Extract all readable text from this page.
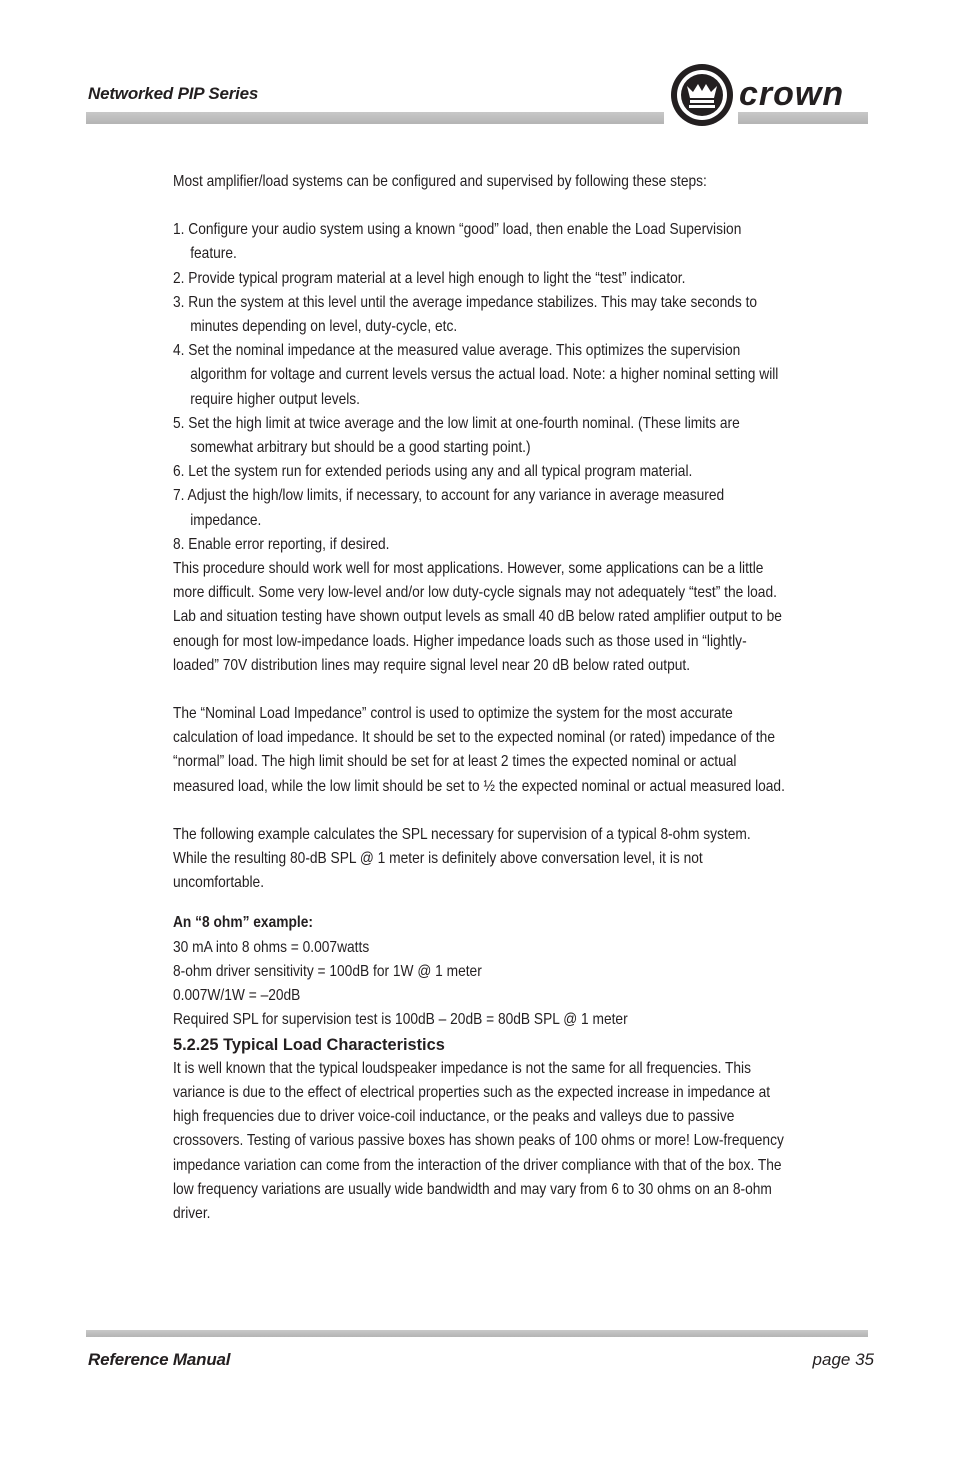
Networked PIP Series	crown

Most amplifier/load systems can be configured and supervised by following these steps:

1. Configure your audio system using a known “good” load, then enable the Load Supervision feature.
2. Provide typical program material at a level high enough to light the “test” indicator.
3. Run the system at this level until the average impedance stabilizes. This may take seconds to minutes depending on level, duty-cycle, etc.
4. Set the nominal impedance at the measured value average. This optimizes the supervision algorithm for voltage and current levels versus the actual load. Note: a higher nominal setting will require higher output levels.
5. Set the high limit at twice average and the low limit at one-fourth nominal. (These limits are somewhat arbitrary but should be a good starting point.)
6. Let the system run for extended periods using any and all typical program material.
7. Adjust the high/low limits, if necessary, to account for any variance in average measured impedance.
8. Enable error reporting, if desired.

This procedure should work well for most applications. However, some applications can be a little more difficult. Some very low-level and/or low duty-cycle signals may not adequately “test” the load. Lab and situation testing have shown output levels as small 40 dB below rated amplifier output to be enough for most low-impedance loads. Higher impedance loads such as those used in “lightly-loaded” 70V distribution lines may require signal level near 20 dB below rated output.

The “Nominal Load Impedance” control is used to optimize the system for the most accurate calculation of load impedance. It should be set to the expected nominal (or rated) impedance of the “normal” load. The high limit should be set for at least 2 times the expected nominal or actual measured load, while the low limit should be set to ½ the expected nominal or actual measured load.

The following example calculates the SPL necessary for supervision of a typical 8-ohm system. While the resulting 80-dB SPL @ 1 meter is definitely above conversation level, it is not uncomfortable.

An “8 ohm” example:

30 mA into 8 ohms = 0.007watts

8-ohm driver sensitivity = 100dB for 1W @ 1 meter

0.007W/1W = –20dB

Required SPL for supervision test is 100dB – 20dB = 80dB SPL @ 1 meter

5.2.25 Typical Load Characteristics

It is well known that the typical loudspeaker impedance is not the same for all frequencies. This variance is due to the effect of electrical properties such as the expected increase in impedance at high frequencies due to driver voice-coil inductance, or the peaks and valleys due to passive crossovers. Testing of various passive boxes has shown peaks of 100 ohms or more! Low-frequency impedance variation can come from the interaction of the driver compliance with that of the box. The low frequency variations are usually wide bandwidth and may vary from 6 to 30 ohms on an 8-ohm driver.

Reference Manual	page 35
